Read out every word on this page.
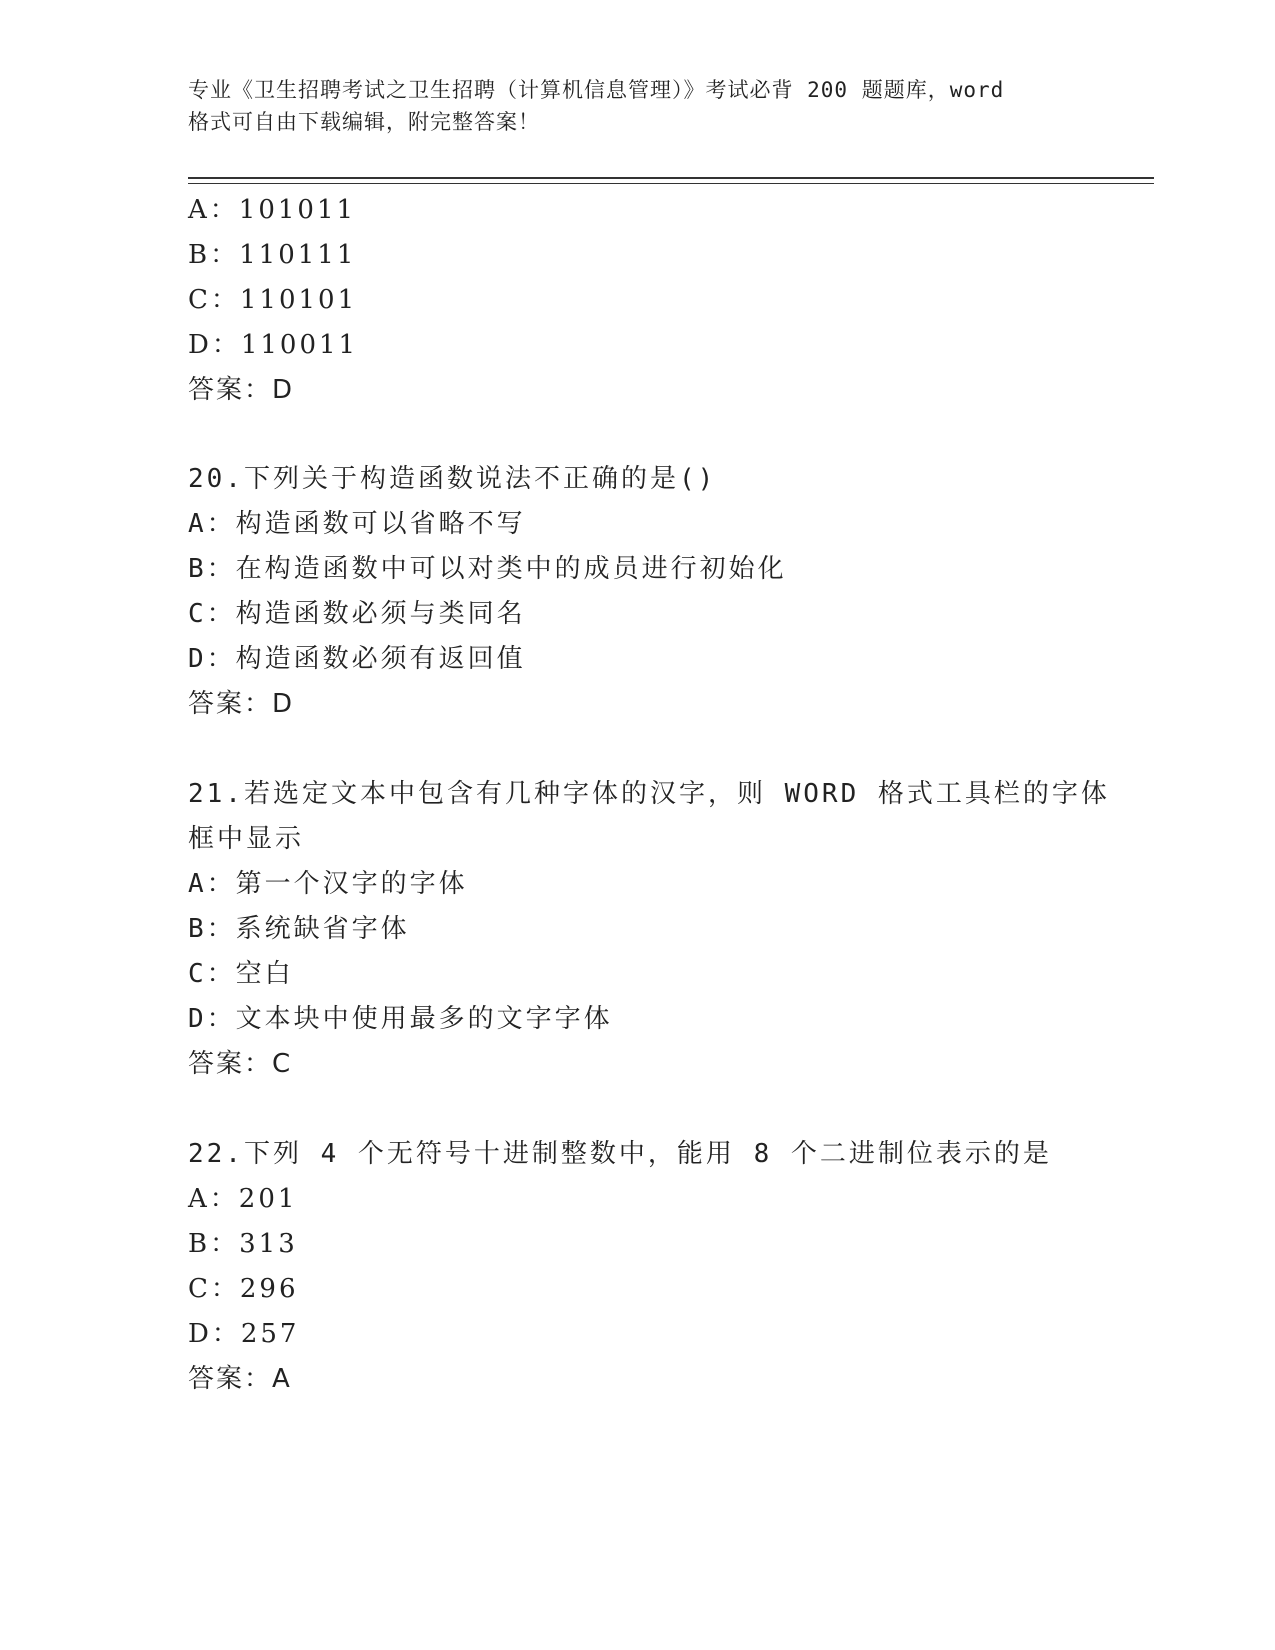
专业《卫生招聘考试之卫生招聘（计算机信息管理）》考试必背 200 题题库，word
格式可自由下载编辑，附完整答案！
A：101011
B：110111
C：110101
D：110011
答案：D
20.下列关于构造函数说法不正确的是()
A：构造函数可以省略不写
B：在构造函数中可以对类中的成员进行初始化
C：构造函数必须与类同名
D：构造函数必须有返回值
答案：D
21.若选定文本中包含有几种字体的汉字，则 WORD 格式工具栏的字体
框中显示
A：第一个汉字的字体
B：系统缺省字体
C：空白
D：文本块中使用最多的文字字体
答案：C
22.下列 4 个无符号十进制整数中，能用 8 个二进制位表示的是
A：201
B：313
C：296
D：257
答案：A
